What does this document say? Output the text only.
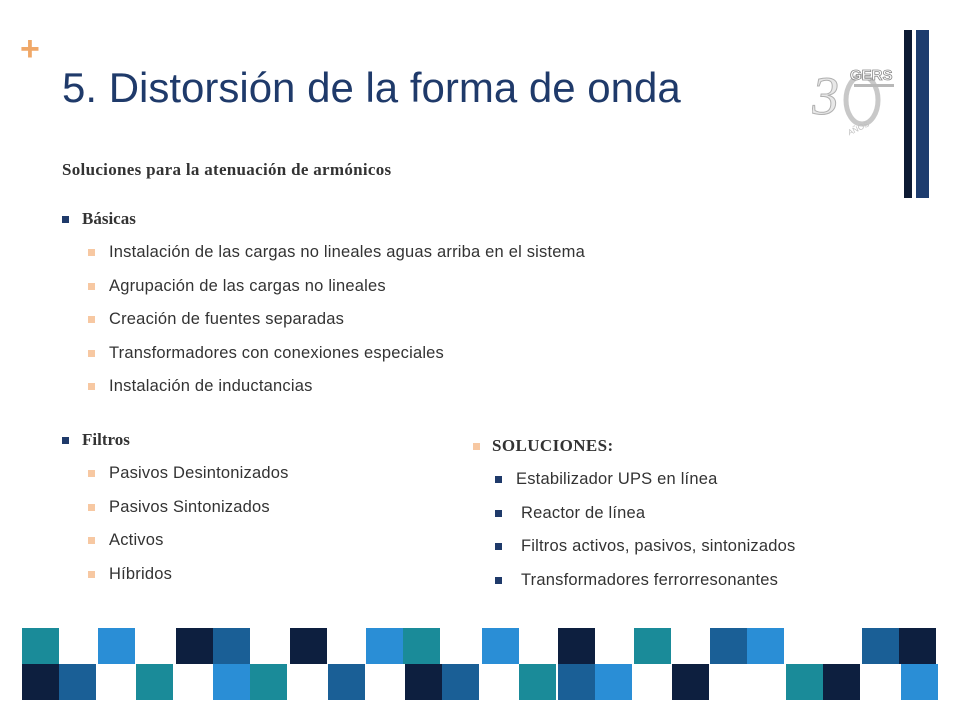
+
5. Distorsión de la forma de onda 3 GERS
AÑOS
Soluciones para la atenuación de armónicos
Básicas
Instalación de las cargas no lineales aguas arriba en el sistema
Agrupación de las cargas no lineales
Creación de fuentes separadas
Transformadores con conexiones especiales
Instalación de inductancias
Filtros
Pasivos Desintonizados
Pasivos Sintonizados
Activos
Híbridos
SOLUCIONES:
Estabilizador UPS en línea
Reactor de línea
Filtros activos, pasivos, sintonizados
Transformadores ferrorresonantes
